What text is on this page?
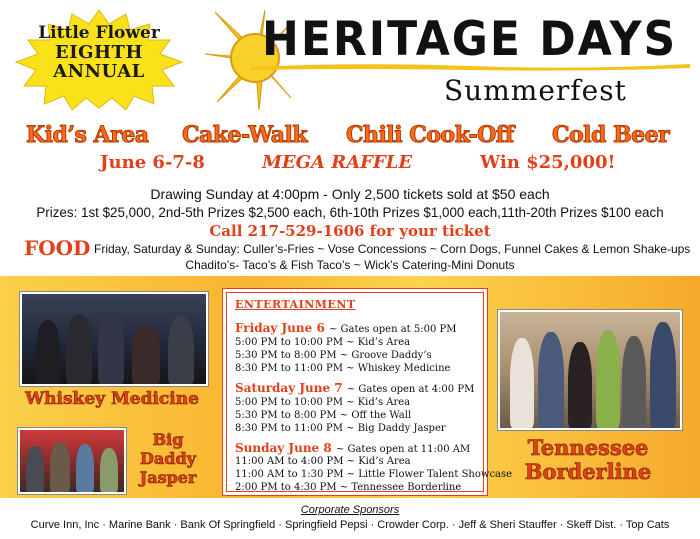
Little Flower
EIGHTH
ANNUAL
HERITAGE DAYS
Summerfest
Kid’s Area Cake-Walk Chili Cook-Off Cold Beer
June 6-7-8	MEGA RAFFLE	Win $25,000!
Drawing Sunday at 4:00pm - Only 2,500 tickets sold at $50 each
Prizes: 1st $25,000, 2nd-5th Prizes $2,500 each, 6th-10th Prizes $1,000 each,11th-20th Prizes $100 each
Call 217-529-1606 for your ticket
FOOD Friday, Saturday & Sunday: Culler’s-Fries ~ Vose Concessions ~ Corn Dogs, Funnel Cakes & Lemon Shake-ups
Chadito’s- Taco’s & Fish Taco’s ~ Wick’s Catering-Mini Donuts
Whiskey Medicine
Big
Daddy
Jasper
Tennessee
Borderline
ENTERTAINMENT
Friday June 6 ~ Gates open at 5:00 PM
5:00 PM to 10:00 PM ~ Kid’s Area
5:30 PM to 8:00 PM ~ Groove Daddy’s
8:30 PM to 11:00 PM ~ Whiskey Medicine
Saturday June 7 ~ Gates open at 4:00 PM
5:00 PM to 10:00 PM ~ Kid’s Area
5:30 PM to 8:00 PM ~ Off the Wall
8:30 PM to 11:00 PM ~ Big Daddy Jasper
Sunday June 8 ~ Gates open at 11:00 AM
11:00 AM to 4:00 PM ~ Kid’s Area
11:00 AM to 1:30 PM ~ Little Flower Talent Showcase
2:00 PM to 4:30 PM ~ Tennessee Borderline
Corporate Sponsors
Curve Inn, Inc · Marine Bank · Bank Of Springfield · Springfield Pepsi · Crowder Corp. · Jeff & Sheri Stauffer · Skeff Dist. · Top Cats
